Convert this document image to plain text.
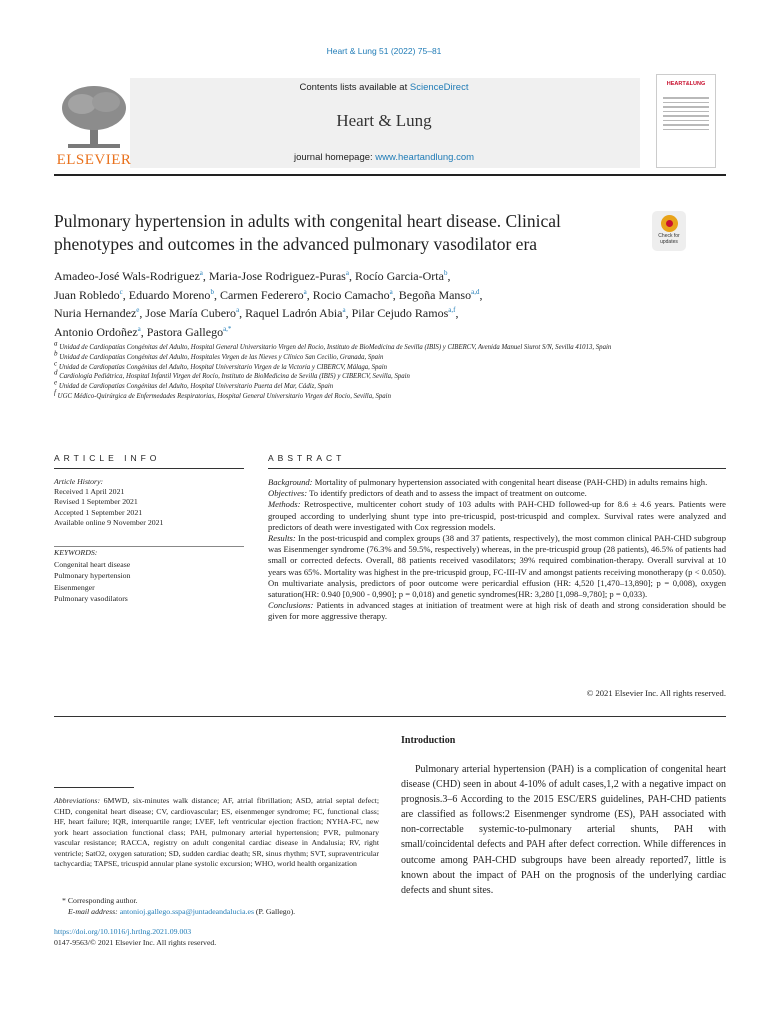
Heart & Lung 51 (2022) 75–81
Contents lists available at ScienceDirect
Heart & Lung
journal homepage: www.heartandlung.com
ELSEVIER
HEART&LUNG
Pulmonary hypertension in adults with congenital heart disease. Clinical phenotypes and outcomes in the advanced pulmonary vasodilator era	Check for
updates
Amadeo-José Wals-Rodriguez$^a$, Maria-Jose Rodriguez-Puras$^a$, Rocío Garcia-Orta$^b$,
Juan Robledo$^c$, Eduardo Moreno$^b$, Carmen Federero$^a$, Rocio Camacho$^a$, Begoña Manso$^{a,d}$,
Nuria Hernandez$^e$, Jose María Cubero$^a$, Raquel Ladrón Abia$^a$, Pilar Cejudo Ramos$^{a,f}$,
Antonio Ordoñez$^a$, Pastora Gallego$^{a,*}$
$^a$ Unidad de Cardiopatías Congénitas del Adulto, Hospital General Universitario Virgen del Rocio, Instituto de BioMedicina de Sevilla (IBIS) y CIBERCV, Avenida Manuel Siurot S/N, Sevilla 41013, Spain
$^b$ Unidad de Cardiopatías Congénitas del Adulto, Hospitales Virgen de las Nieves y Clínico San Cecilio, Granada, Spain
$^c$ Unidad de Cardiopatías Congénitas del Adulto, Hospital Universitario Virgen de la Victoria y CIBERCV, Málaga, Spain
$^d$ Cardiología Pediátrica, Hospital Infantil Virgen del Rocío, Instituto de BioMedicina de Sevilla (IBIS) y CIBERCV, Sevilla, Spain
$^e$ Unidad de Cardiopatías Congénitas del Adulto, Hospital Universitario Puerta del Mar, Cádiz, Spain
$^f$ UGC Médico-Quirúrgica de Enfermedades Respiratorias, Hospital General Universitario Virgen del Rocio, Sevilla, Spain
ARTICLE INFO	ABSTRACT
Article History:
Received 1 April 2021
Revised 1 September 2021
Accepted 1 September 2021
Available online 9 November 2021
KEYWORDS:
Congenital heart disease
Pulmonary hypertension
Eisenmenger
Pulmonary vasodilators
Background: Mortality of pulmonary hypertension associated with congenital heart disease (PAH-CHD) in adults remains high.
Objectives: To identify predictors of death and to assess the impact of treatment on outcome.
Methods: Retrospective, multicenter cohort study of 103 adults with PAH-CHD followed-up for 8.6 ± 4.6 years. Patients were grouped according to underlying shunt type into pre-tricuspid, post-tricuspid and complex. Survival rates were analyzed and predictors of death were investigated with Cox regression models.
Results: In the post-tricuspid and complex groups (38 and 37 patients, respectively), the most common clinical PAH-CHD subgroup was Eisenmenger syndrome (76.3% and 59.5%, respectively) whereas, in the pre-tricuspid group (28 patients), 46.5% of patients had small or corrected defects. Overall, 88 patients received vasodilators; 39% required combination-therapy. Overall survival at 10 years was 65%. Mortality was highest in the pre-tricuspid group, FC-III-IV and amongst patients receiving monotherapy (p < 0.050). On multivariate analysis, predictors of poor outcome were pericardial effusion (HR: 4,520 [1,470–13,890]; p = 0,008), oxygen saturation(HR: 0.940 [0,900 - 0,990]; p = 0,018) and genetic syndromes(HR: 3,280 [1,098–9,780]; p = 0,033).
Conclusions: Patients in advanced stages at initiation of treatment were at high risk of death and strong consideration should be given for more aggressive therapy.
© 2021 Elsevier Inc. All rights reserved.
Introduction
Pulmonary arterial hypertension (PAH) is a complication of congenital heart disease (CHD) seen in about 4-10% of adult cases,1,2 with a negative impact on prognosis.3–6 According to the 2015 ESC/ERS guidelines, PAH-CHD patients are classified as follows:2 Eisenmenger syndrome (ES), PAH associated with non-correctable systemic-to-pulmonary arterial shunts, PAH with small/coincidental defects and PAH after defect correction. While differences in outcome among PAH-CHD subgroups have been already reported7, little is known about the impact of PAH on the prognosis of the underlying cardiac defects and shunt sites.
Abbreviations: 6MWD, six-minutes walk distance; AF, atrial fibrillation; ASD, atrial septal defect; CHD, congenital heart disease; CV, cardiovascular; ES, eisenmenger syndrome; FC, functional class; HF, heart failure; IQR, interquartile range; LVEF, left ventricular ejection fraction; NYHA-FC, new york heart association functional class; PAH, pulmonary arterial hypertension; PVR, pulmonary vascular resistance; RACCA, registry on adult congenital cardiac disease in Andalusia; RV, right ventricle; SatO2, oxygen saturation; SD, sudden cardiac death; SR, sinus rhythm; SVT, supraventricular tachycardia; TAPSE, tricuspid annular plane systolic excursion; WHO, world health organization
* Corresponding author.
E-mail address: antonioj.gallego.sspa@juntadeandalucia.es (P. Gallego).
https://doi.org/10.1016/j.hrtlng.2021.09.003
0147-9563/© 2021 Elsevier Inc. All rights reserved.
